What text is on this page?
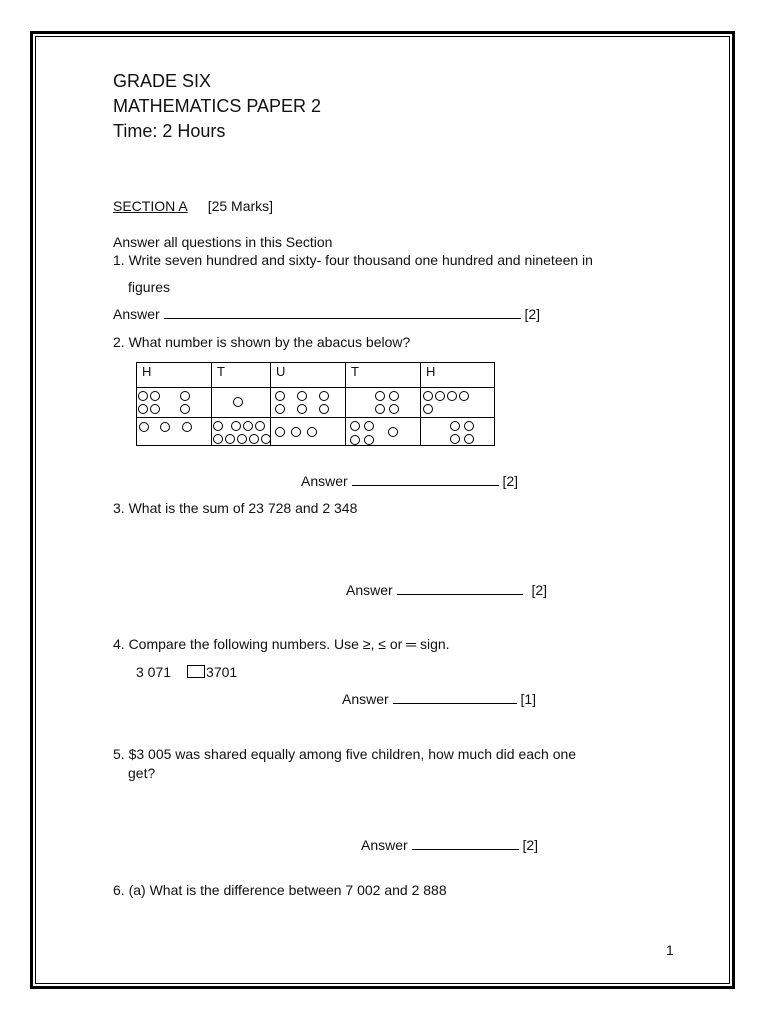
GRADE SIX
MATHEMATICS PAPER 2
Time: 2 Hours
SECTION A [25 Marks]
Answer all questions in this Section
1. Write seven hundred and sixty- four thousand one hundred and nineteen in
figures
Answer	[2]
2. What number is shown by the abacus below?
H	T	U	T	H

Answer	[2]
3. What is the sum of 23 728 and 2 348
Answer	[2]
4. Compare the following numbers. Use ≥, ≤ or ═ sign.
3 071	3701
Answer	[1]
5. $3 005 was shared equally among five children, how much did each one
get?
Answer	[2]
6. (a) What is the difference between 7 002 and 2 888
1
